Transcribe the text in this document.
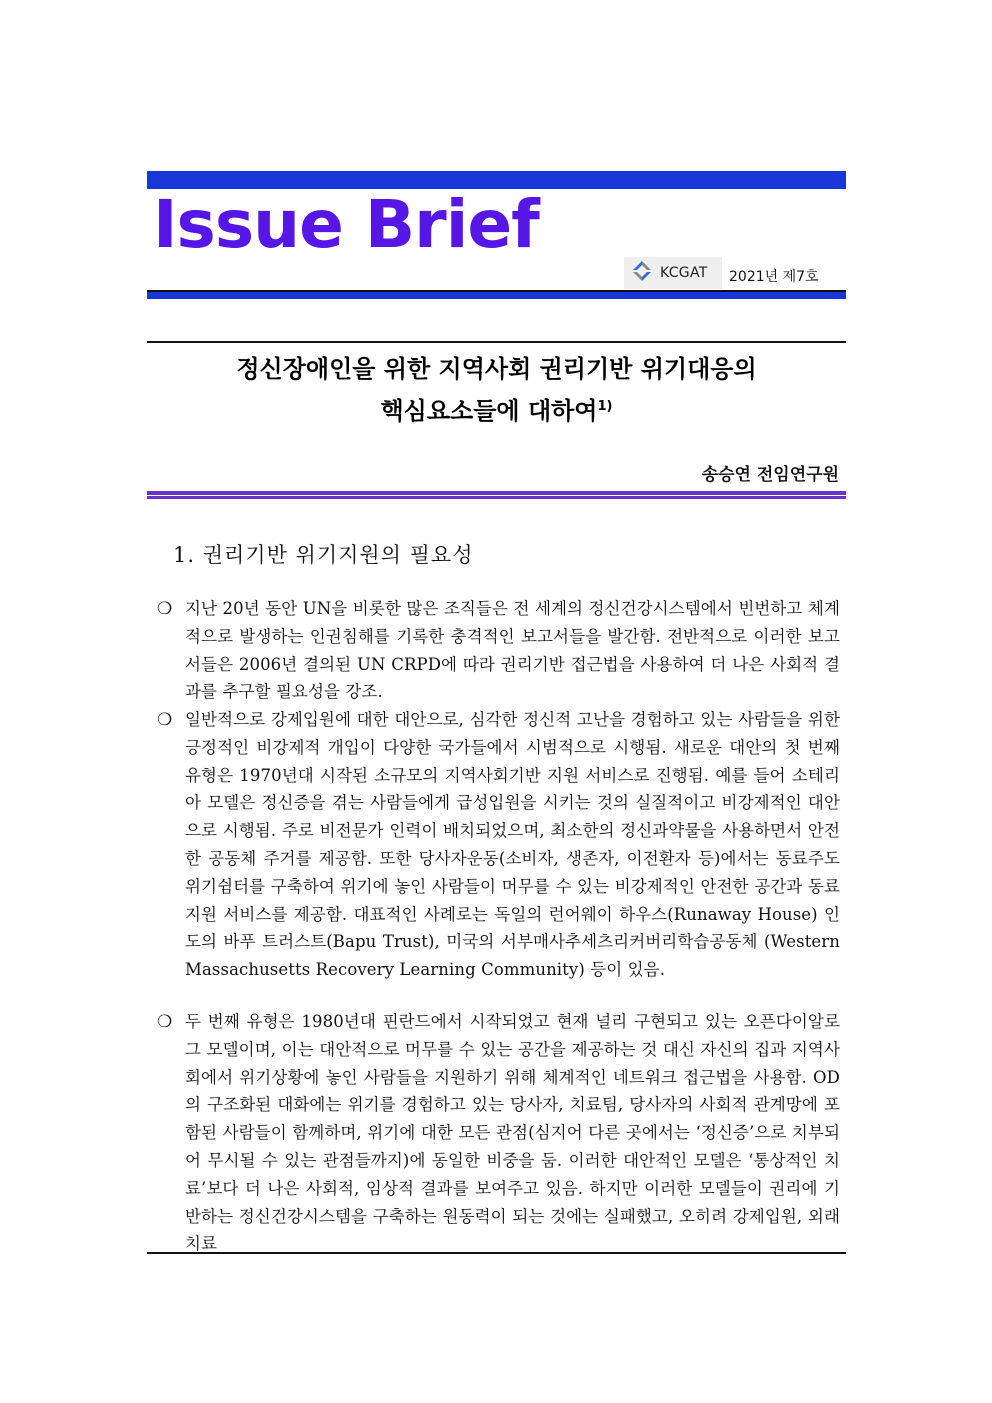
Issue Brief
KCGAT 2021년 제7호
정신장애인을 위한 지역사회 권리기반 위기대응의
핵심요소들에 대하여$^{1)}$
송승연 전임연구원
1. 권리기반 위기지원의 필요성
❍ 지난 20년 동안 UN을 비롯한 많은 조직들은 전 세계의 정신건강시스템에서 빈번하고 체계적으로 발생하는 인권침해를 기록한 충격적인 보고서들을 발간함. 전반적으로 이러한 보고서들은 2006년 결의된 UN CRPD에 따라 권리기반 접근법을 사용하여 더 나은 사회적 결과를 추구할 필요성을 강조.
❍ 일반적으로 강제입원에 대한 대안으로, 심각한 정신적 고난을 경험하고 있는 사람들을 위한 긍정적인 비강제적 개입이 다양한 국가들에서 시범적으로 시행됨. 새로운 대안의 첫 번째 유형은 1970년대 시작된 소규모의 지역사회기반 지원 서비스로 진행됨. 예를 들어 소테리아 모델은 정신증을 겪는 사람들에게 급성입원을 시키는 것의 실질적이고 비강제적인 대안으로 시행됨. 주로 비전문가 인력이 배치되었으며, 최소한의 정신과약물을 사용하면서 안전한 공동체 주거를 제공함. 또한 당사자운동(소비자, 생존자, 이전환자 등)에서는 동료주도 위기쉼터를 구축하여 위기에 놓인 사람들이 머무를 수 있는 비강제적인 안전한 공간과 동료지원 서비스를 제공함. 대표적인 사례로는 독일의 런어웨이 하우스(Runaway House) 인도의 바푸 트러스트(Bapu Trust), 미국의 서부매사추세츠리커버리학습공동체 (Western Massachusetts Recovery Learning Community) 등이 있음.
❍ 두 번째 유형은 1980년대 핀란드에서 시작되었고 현재 널리 구현되고 있는 오픈다이알로그 모델이며, 이는 대안적으로 머무를 수 있는 공간을 제공하는 것 대신 자신의 집과 지역사회에서 위기상황에 놓인 사람들을 지원하기 위해 체계적인 네트워크 접근법을 사용함. OD의 구조화된 대화에는 위기를 경험하고 있는 당사자, 치료팀, 당사자의 사회적 관계망에 포함된 사람들이 함께하며, 위기에 대한 모든 관점(심지어 다른 곳에서는 ‘정신증’으로 치부되어 무시될 수 있는 관점들까지)에 동일한 비중을 둠. 이러한 대안적인 모델은 ‘통상적인 치료’보다 더 나은 사회적, 임상적 결과를 보여주고 있음. 하지만 이러한 모델들이 권리에 기반하는 정신건강시스템을 구축하는 원동력이 되는 것에는 실패했고, 오히려 강제입원, 외래치료
